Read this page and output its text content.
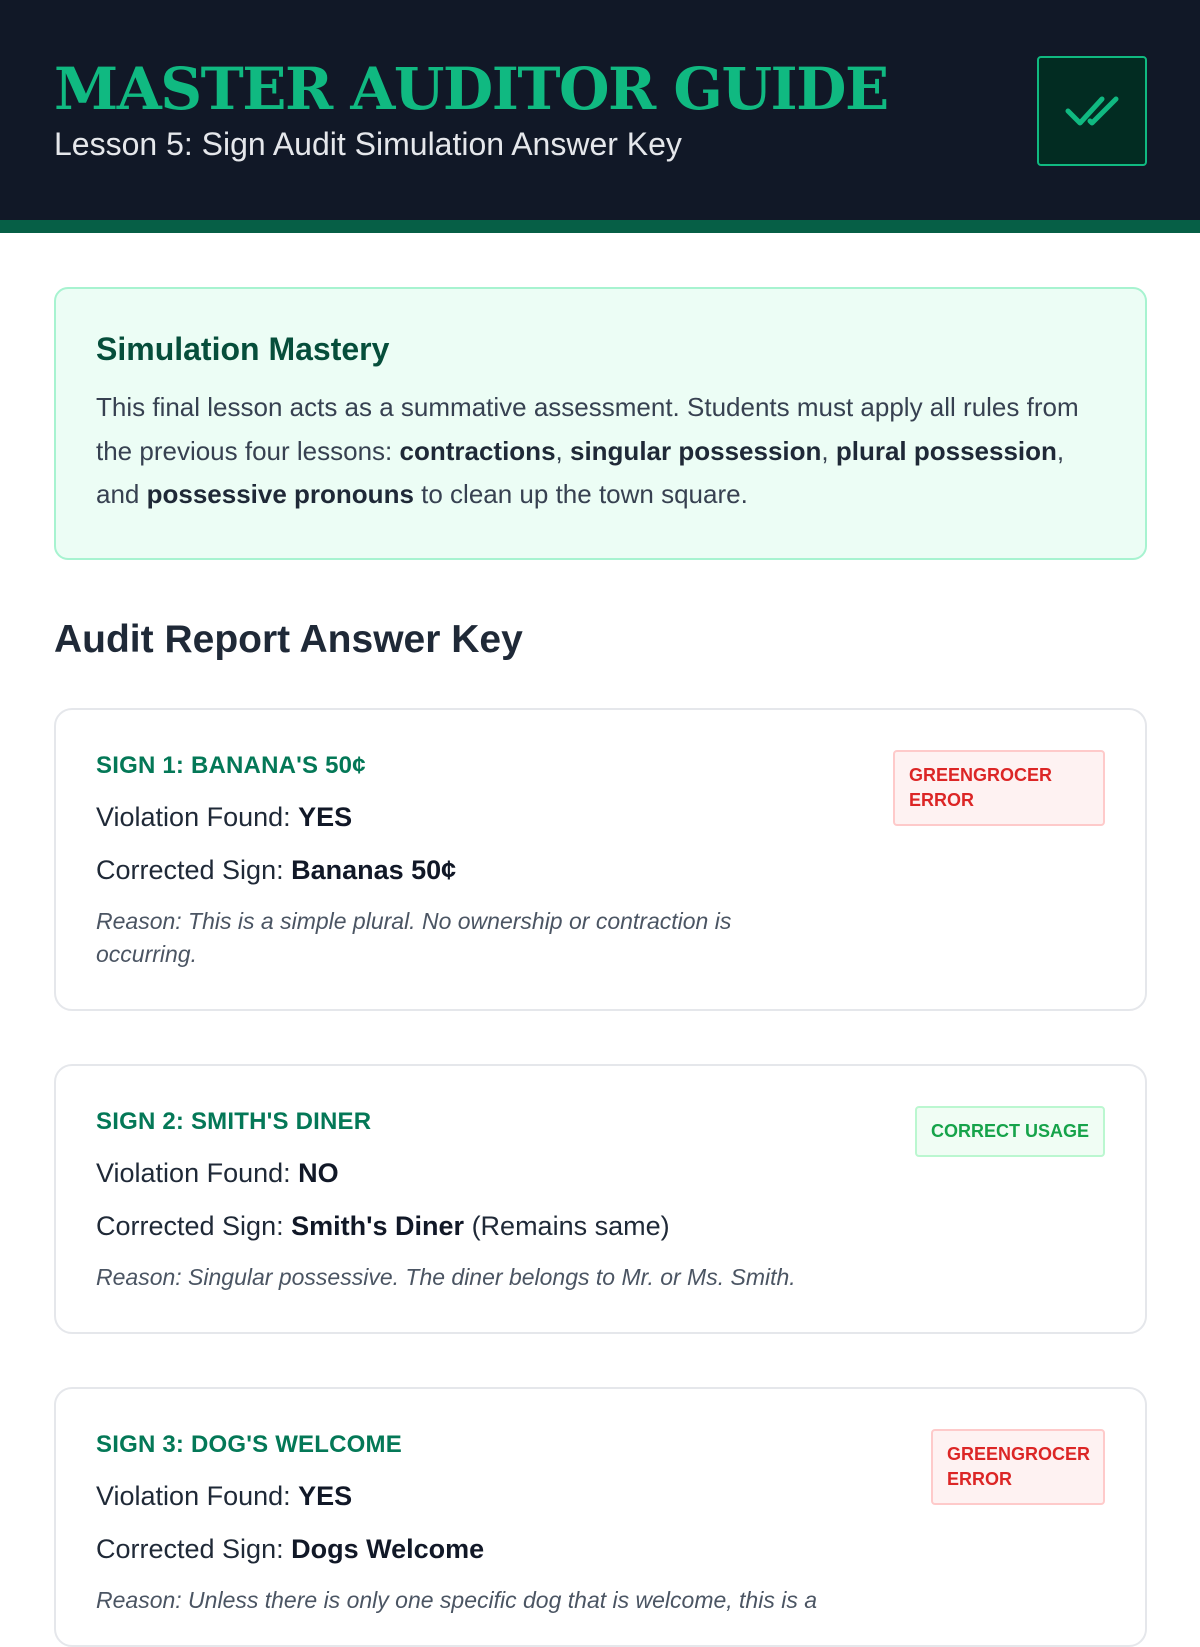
MASTER AUDITOR GUIDE
Lesson 5: Sign Audit Simulation Answer Key
Simulation Mastery

This final lesson acts as a summative assessment. Students must apply all rules from the previous four lessons: contractions, singular possession, plural possession, and possessive pronouns to clean up the town square.

Audit Report Answer Key
SIGN 1: BANANA'S 50¢
Violation Found: YES
Corrected Sign: Bananas 50¢
Reason: This is a simple plural. No ownership or contraction is occurring.
GREENGROCER ERROR
SIGN 2: SMITH'S DINER
Violation Found: NO
Corrected Sign: Smith's Diner (Remains same)
Reason: Singular possessive. The diner belongs to Mr. or Ms. Smith.
CORRECT USAGE
SIGN 3: DOG'S WELCOME
Violation Found: YES
Corrected Sign: Dogs Welcome
Reason: Unless there is only one specific dog that is welcome, this is a
GREENGROCER ERROR
